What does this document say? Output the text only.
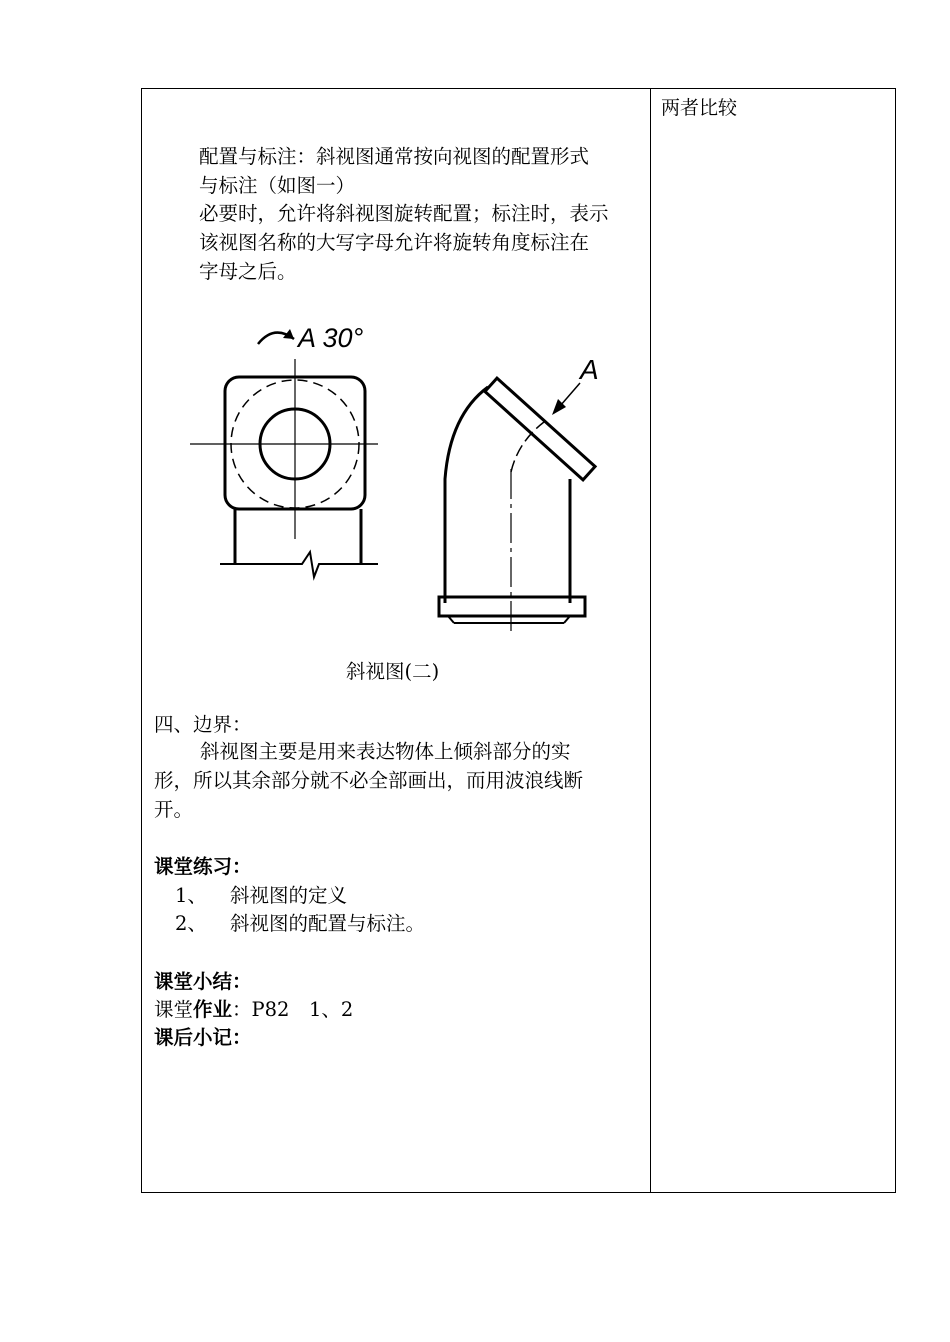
两者比较
配置与标注：斜视图通常按向视图的配置形式
与标注（如图一）
必要时，允许将斜视图旋转配置；标注时，表示
该视图名称的大写字母允许将旋转角度标注在
字母之后。
A 30°
A
斜视图(二)
四、边界：
斜视图主要是用来表达物体上倾斜部分的实
形，所以其余部分就不必全部画出，而用波浪线断
开。
课堂练习：
1、 斜视图的定义
2、 斜视图的配置与标注。
课堂小结：
课堂作业：P82　1、2
课后小记：
